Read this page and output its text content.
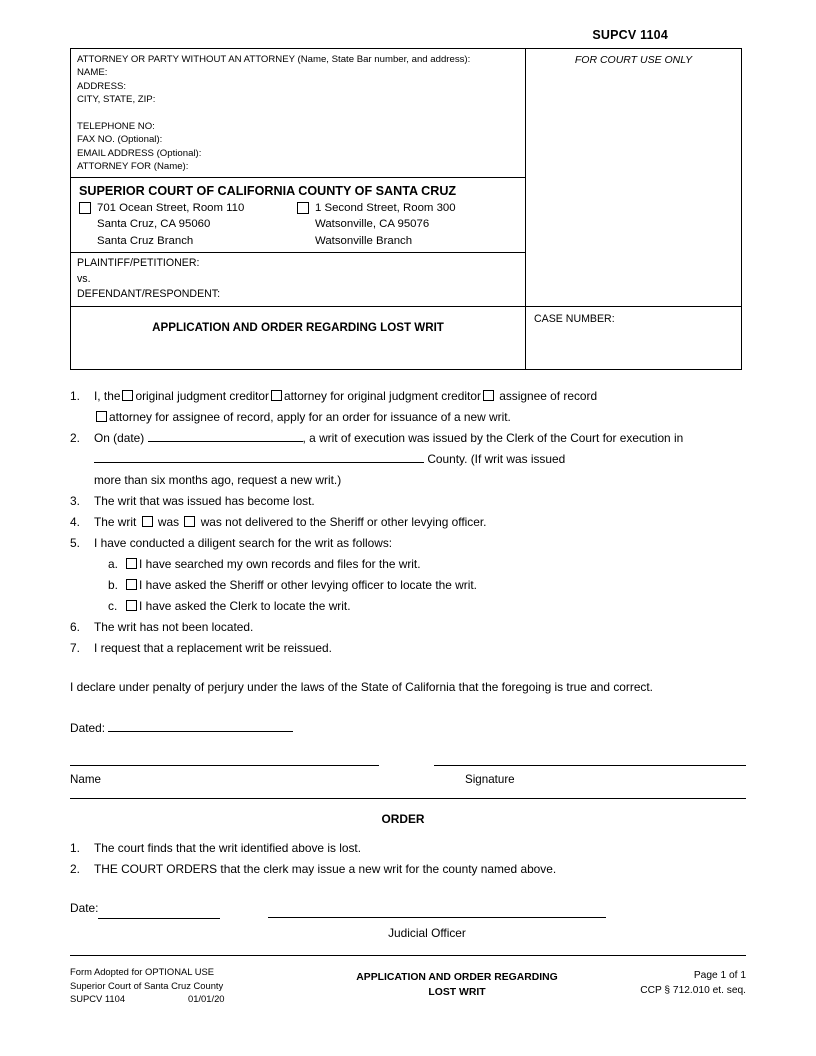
SUPCV 1104
ATTORNEY OR PARTY WITHOUT AN ATTORNEY (Name, State Bar number, and address):
NAME:
ADDRESS:
CITY, STATE, ZIP:

TELEPHONE NO:
FAX NO. (Optional):
EMAIL ADDRESS (Optional):
ATTORNEY FOR (Name):
FOR COURT USE ONLY
SUPERIOR COURT OF CALIFORNIA COUNTY OF SANTA CRUZ
701 Ocean Street, Room 110
Santa Cruz, CA 95060
Santa Cruz Branch
1 Second Street, Room 300
Watsonville, CA 95076
Watsonville Branch
PLAINTIFF/PETITIONER:
vs.
DEFENDANT/RESPONDENT:
APPLICATION AND ORDER REGARDING LOST WRIT
CASE NUMBER:
1.	I, the original judgment creditor attorney for original judgment creditor assignee of record
attorney for assignee of record, apply for an order for issuance of a new writ.
2.	On (date)	, a writ of execution was issued by the Clerk of the Court for execution in
County. (If writ was issued
more than six months ago, request a new writ.)
3.	The writ that was issued has become lost.
4.	The writ was was not delivered to the Sheriff or other levying officer.
5.	I have conducted a diligent search for the writ as follows:
a.	I have searched my own records and files for the writ.
b.	I have asked the Sheriff or other levying officer to locate the writ.
c.	I have asked the Clerk to locate the writ.
6.	The writ has not been located.
7.	I request that a replacement writ be reissued.
I declare under penalty of perjury under the laws of the State of California that the foregoing is true and correct.
Dated:
Name	Signature
ORDER
1.	The court finds that the writ identified above is lost.
2.	THE COURT ORDERS that the clerk may issue a new writ for the county named above.
Date:
Judicial Officer
Form Adopted for OPTIONAL USE
Superior Court of Santa Cruz County
SUPCV 1104	01/01/20
APPLICATION AND ORDER REGARDING
LOST WRIT
Page 1 of 1
CCP § 712.010 et. seq.
